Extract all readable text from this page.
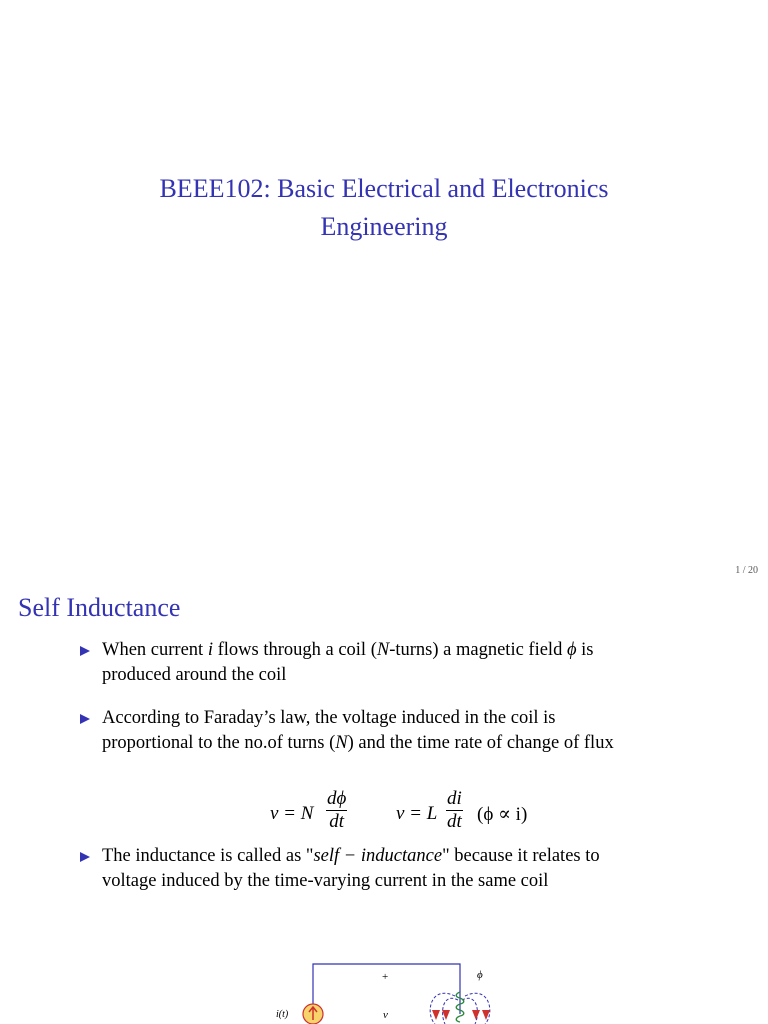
BEEE102: Basic Electrical and Electronics
Engineering
1 / 20
Self Inductance
When current i flows through a coil (N-turns) a magnetic field ϕ is
produced around the coil
According to Faraday’s law, the voltage induced in the coil is
proportional to the no.of turns (N) and the time rate of change of flux
v = N $\frac{d\phi}{dt}$	v = L $\frac{di}{dt} (\phi \propto i)$
The inductance is called as "self − inductance" because it relates to
voltage induced by the time-varying current in the same coil
i(t)
+
v
ϕ
